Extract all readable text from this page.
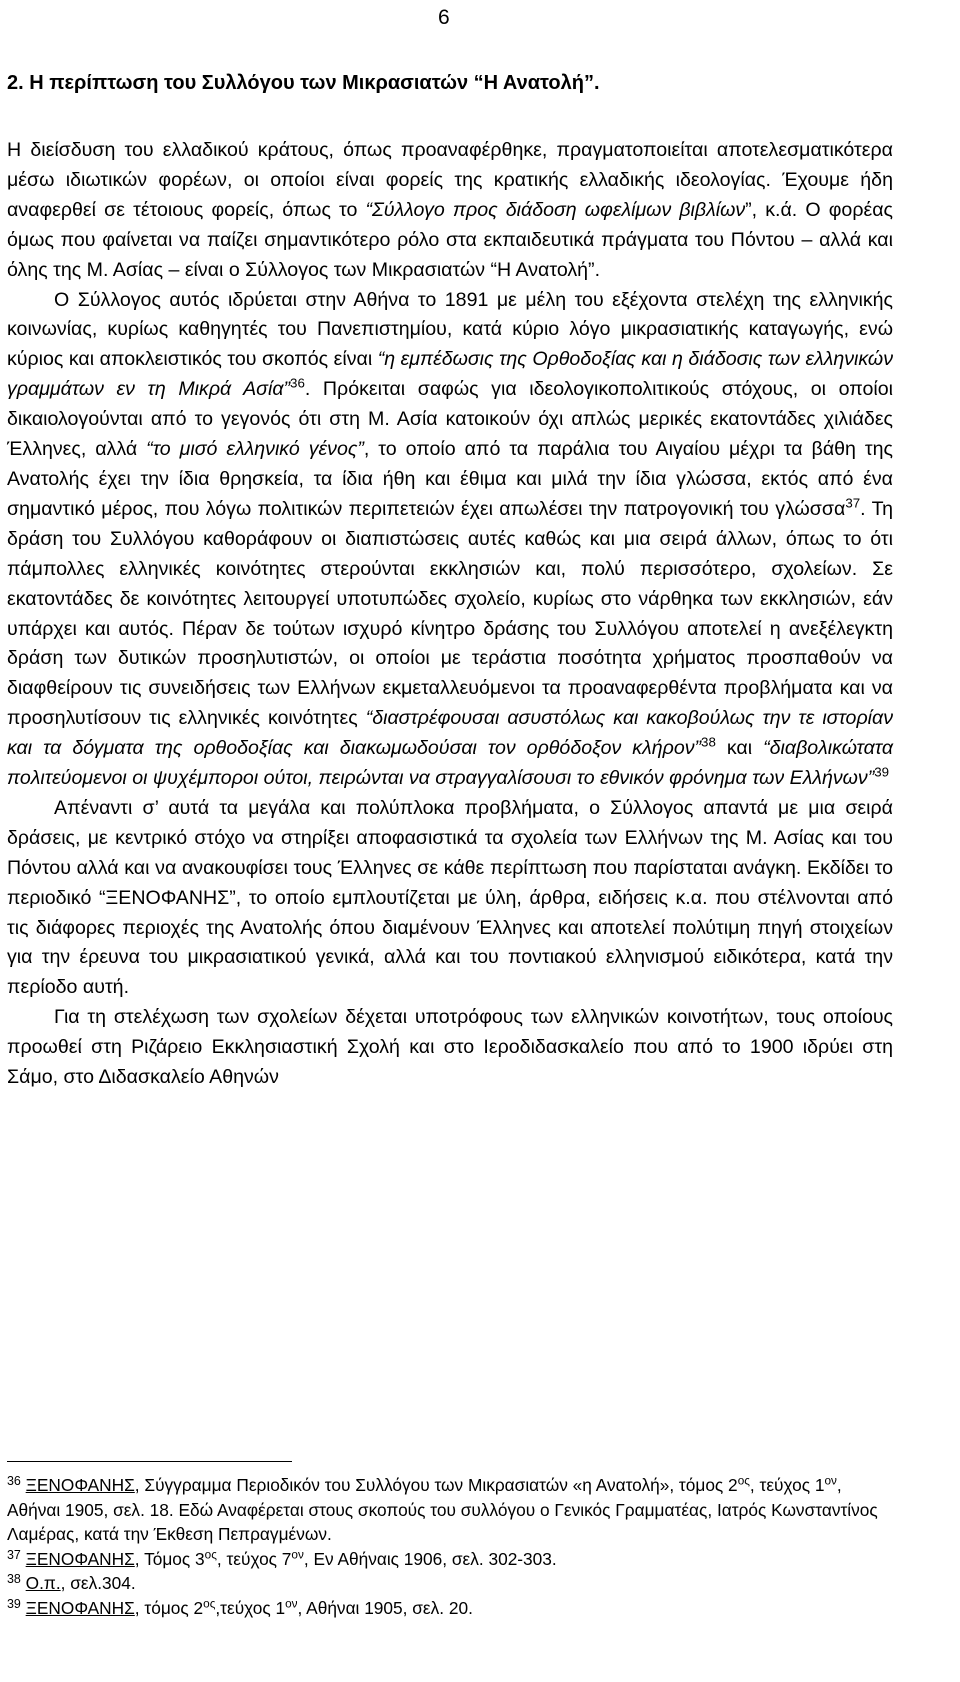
6
2. Η περίπτωση του Συλλόγου των Μικρασιατών “Η Ανατολή”.

Η διείσδυση του ελλαδικού κράτους, όπως προαναφέρθηκε, πραγματοποιείται αποτελεσματικότερα μέσω ιδιωτικών φορέων, οι οποίοι είναι φορείς της κρατικής ελλαδικής ιδεολογίας. Έχουμε ήδη αναφερθεί σε τέτοιους φορείς, όπως το “Σύλλογο προς διάδοση ωφελίμων βιβλίων”, κ.ά. Ο φορέας όμως που φαίνεται να παίζει σημαντικότερο ρόλο στα εκπαιδευτικά πράγματα του Πόντου – αλλά και όλης της Μ. Ασίας – είναι ο Σύλλογος των Μικρασιατών “Η Ανατολή”.

Ο Σύλλογος αυτός ιδρύεται στην Αθήνα το 1891 με μέλη του εξέχοντα στελέχη της ελληνικής κοινωνίας, κυρίως καθηγητές του Πανεπιστημίου, κατά κύριο λόγο μικρασιατικής καταγωγής, ενώ κύριος και αποκλειστικός του σκοπός είναι “η εμπέδωσις της Ορθοδοξίας και η διάδοσις των ελληνικών γραμμάτων εν τη Μικρά Ασία”$^{36}$. Πρόκειται σαφώς για ιδεολογικοπολιτικούς στόχους, οι οποίοι δικαιολογούνται από το γεγονός ότι στη Μ. Ασία κατοικούν όχι απλώς μερικές εκατοντάδες χιλιάδες Έλληνες, αλλά “το μισό ελληνικό γένος”, το οποίο από τα παράλια του Αιγαίου μέχρι τα βάθη της Ανατολής έχει την ίδια θρησκεία, τα ίδια ήθη και έθιμα και μιλά την ίδια γλώσσα, εκτός από ένα σημαντικό μέρος, που λόγω πολιτικών περιπετειών έχει απωλέσει την πατρογονική του γλώσσα$^{37}$. Τη δράση του Συλλόγου καθοράφουν οι διαπιστώσεις αυτές καθώς και μια σειρά άλλων, όπως το ότι πάμπολλες ελληνικές κοινότητες στερούνται εκκλησιών και, πολύ περισσότερο, σχολείων. Σε εκατοντάδες δε κοινότητες λειτουργεί υποτυπώδες σχολείο, κυρίως στο νάρθηκα των εκκλησιών, εάν υπάρχει και αυτός. Πέραν δε τούτων ισχυρό κίνητρο δράσης του Συλλόγου αποτελεί η ανεξέλεγκτη δράση των δυτικών προσηλυτιστών, οι οποίοι με τεράστια ποσότητα χρήματος προσπαθούν να διαφθείρουν τις συνειδήσεις των Ελλήνων εκμεταλλευόμενοι τα προαναφερθέντα προβλήματα και να προσηλυτίσουν τις ελληνικές κοινότητες “διαστρέφουσαι ασυστόλως και κακοβούλως την τε ιστορίαν και τα δόγματα της ορθοδοξίας και διακωμωδούσαι τον ορθόδοξον κλήρον”$^{38}$ και “διαβολικώτατα πολιτεύομενοι οι ψυχέμποροι ούτοι, πειρώνται να στραγγαλίσουσι το εθνικόν φρόνημα των Ελλήνων”$^{39}$

Απέναντι σ’ αυτά τα μεγάλα και πολύπλοκα προβλήματα, ο Σύλλογος απαντά με μια σειρά δράσεις, με κεντρικό στόχο να στηρίξει αποφασιστικά τα σχολεία των Ελλήνων της Μ. Ασίας και του Πόντου αλλά και να ανακουφίσει τους Έλληνες σε κάθε περίπτωση που παρίσταται ανάγκη. Εκδίδει το περιοδικό “ΞΕΝΟΦΑΝΗΣ”, το οποίο εμπλουτίζεται με ύλη, άρθρα, ειδήσεις κ.α. που στέλνονται από τις διάφορες περιοχές της Ανατολής όπου διαμένουν Έλληνες και αποτελεί πολύτιμη πηγή στοιχείων για την έρευνα του μικρασιατικού γενικά, αλλά και του ποντιακού ελληνισμού ειδικότερα, κατά την περίοδο αυτή.

Για τη στελέχωση των σχολείων δέχεται υποτρόφους των ελληνικών κοινοτήτων, τους οποίους προωθεί στη Ριζάρειο Εκκλησιαστική Σχολή και στο Ιεροδιδασκαλείο που από το 1900 ιδρύει στη Σάμο, στο Διδασκαλείο Αθηνών

$^{36}$ ΞΕΝΟΦΑΝΗΣ, Σύγγραμμα Περιοδικόν του Συλλόγου των Μικρασιατών «η Ανατολή», τόμος $2^{o\varsigma}$, τεύχος $1^{o\nu}$, Αθήναι 1905, σελ. 18. Εδώ Αναφέρεται στους σκοπούς του συλλόγου ο Γενικός Γραμματέας, Ιατρός Κωνσταντίνος Λαμέρας, κατά την Έκθεση Πεπραγμένων.

$^{37}$ ΞΕΝΟΦΑΝΗΣ, Τόμος $3^{o\varsigma}$, τεύχος $7^{o\nu}$, Εν Αθήναις 1906, σελ. 302-303.

$^{38}$ Ο.π., σελ.304.

$^{39}$ ΞΕΝΟΦΑΝΗΣ, τόμος $2^{o\varsigma},\tau\varepsilon ύ\chi o\varsigma$ $1^{o\nu}$, Αθήναι 1905, σελ. 20.
